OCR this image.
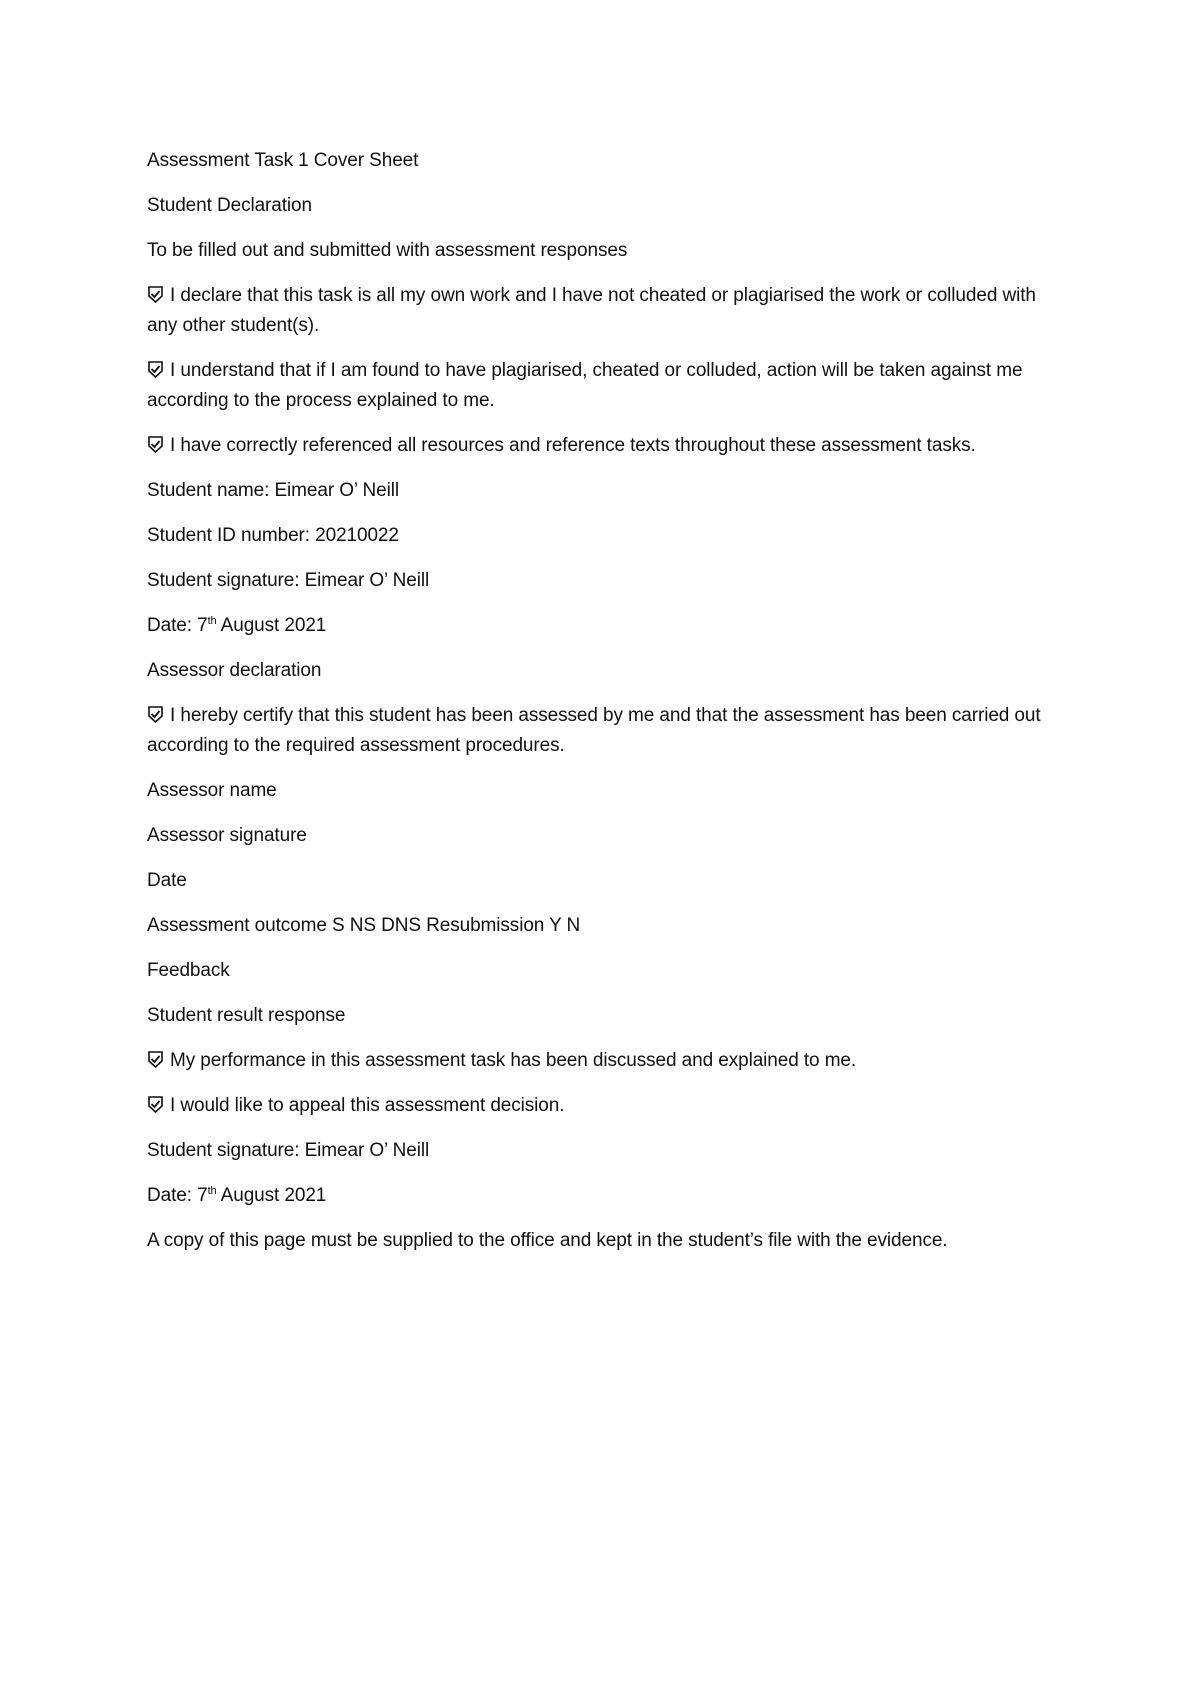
Assessment Task 1 Cover Sheet

Student Declaration

To be filled out and submitted with assessment responses

I declare that this task is all my own work and I have not cheated or plagiarised the work or colluded with any other student(s).

I understand that if I am found to have plagiarised, cheated or colluded, action will be taken against me according to the process explained to me.

I have correctly referenced all resources and reference texts throughout these assessment tasks.

Student name: Eimear O’ Neill

Student ID number: 20210022

Student signature: Eimear O’ Neill

Date: 7th August 2021

Assessor declaration

I hereby certify that this student has been assessed by me and that the assessment has been carried out according to the required assessment procedures.

Assessor name

Assessor signature

Date

Assessment outcome S NS DNS Resubmission Y N

Feedback

Student result response

My performance in this assessment task has been discussed and explained to me.

I would like to appeal this assessment decision.

Student signature: Eimear O’ Neill

Date: 7th August 2021

A copy of this page must be supplied to the office and kept in the student’s file with the evidence.
